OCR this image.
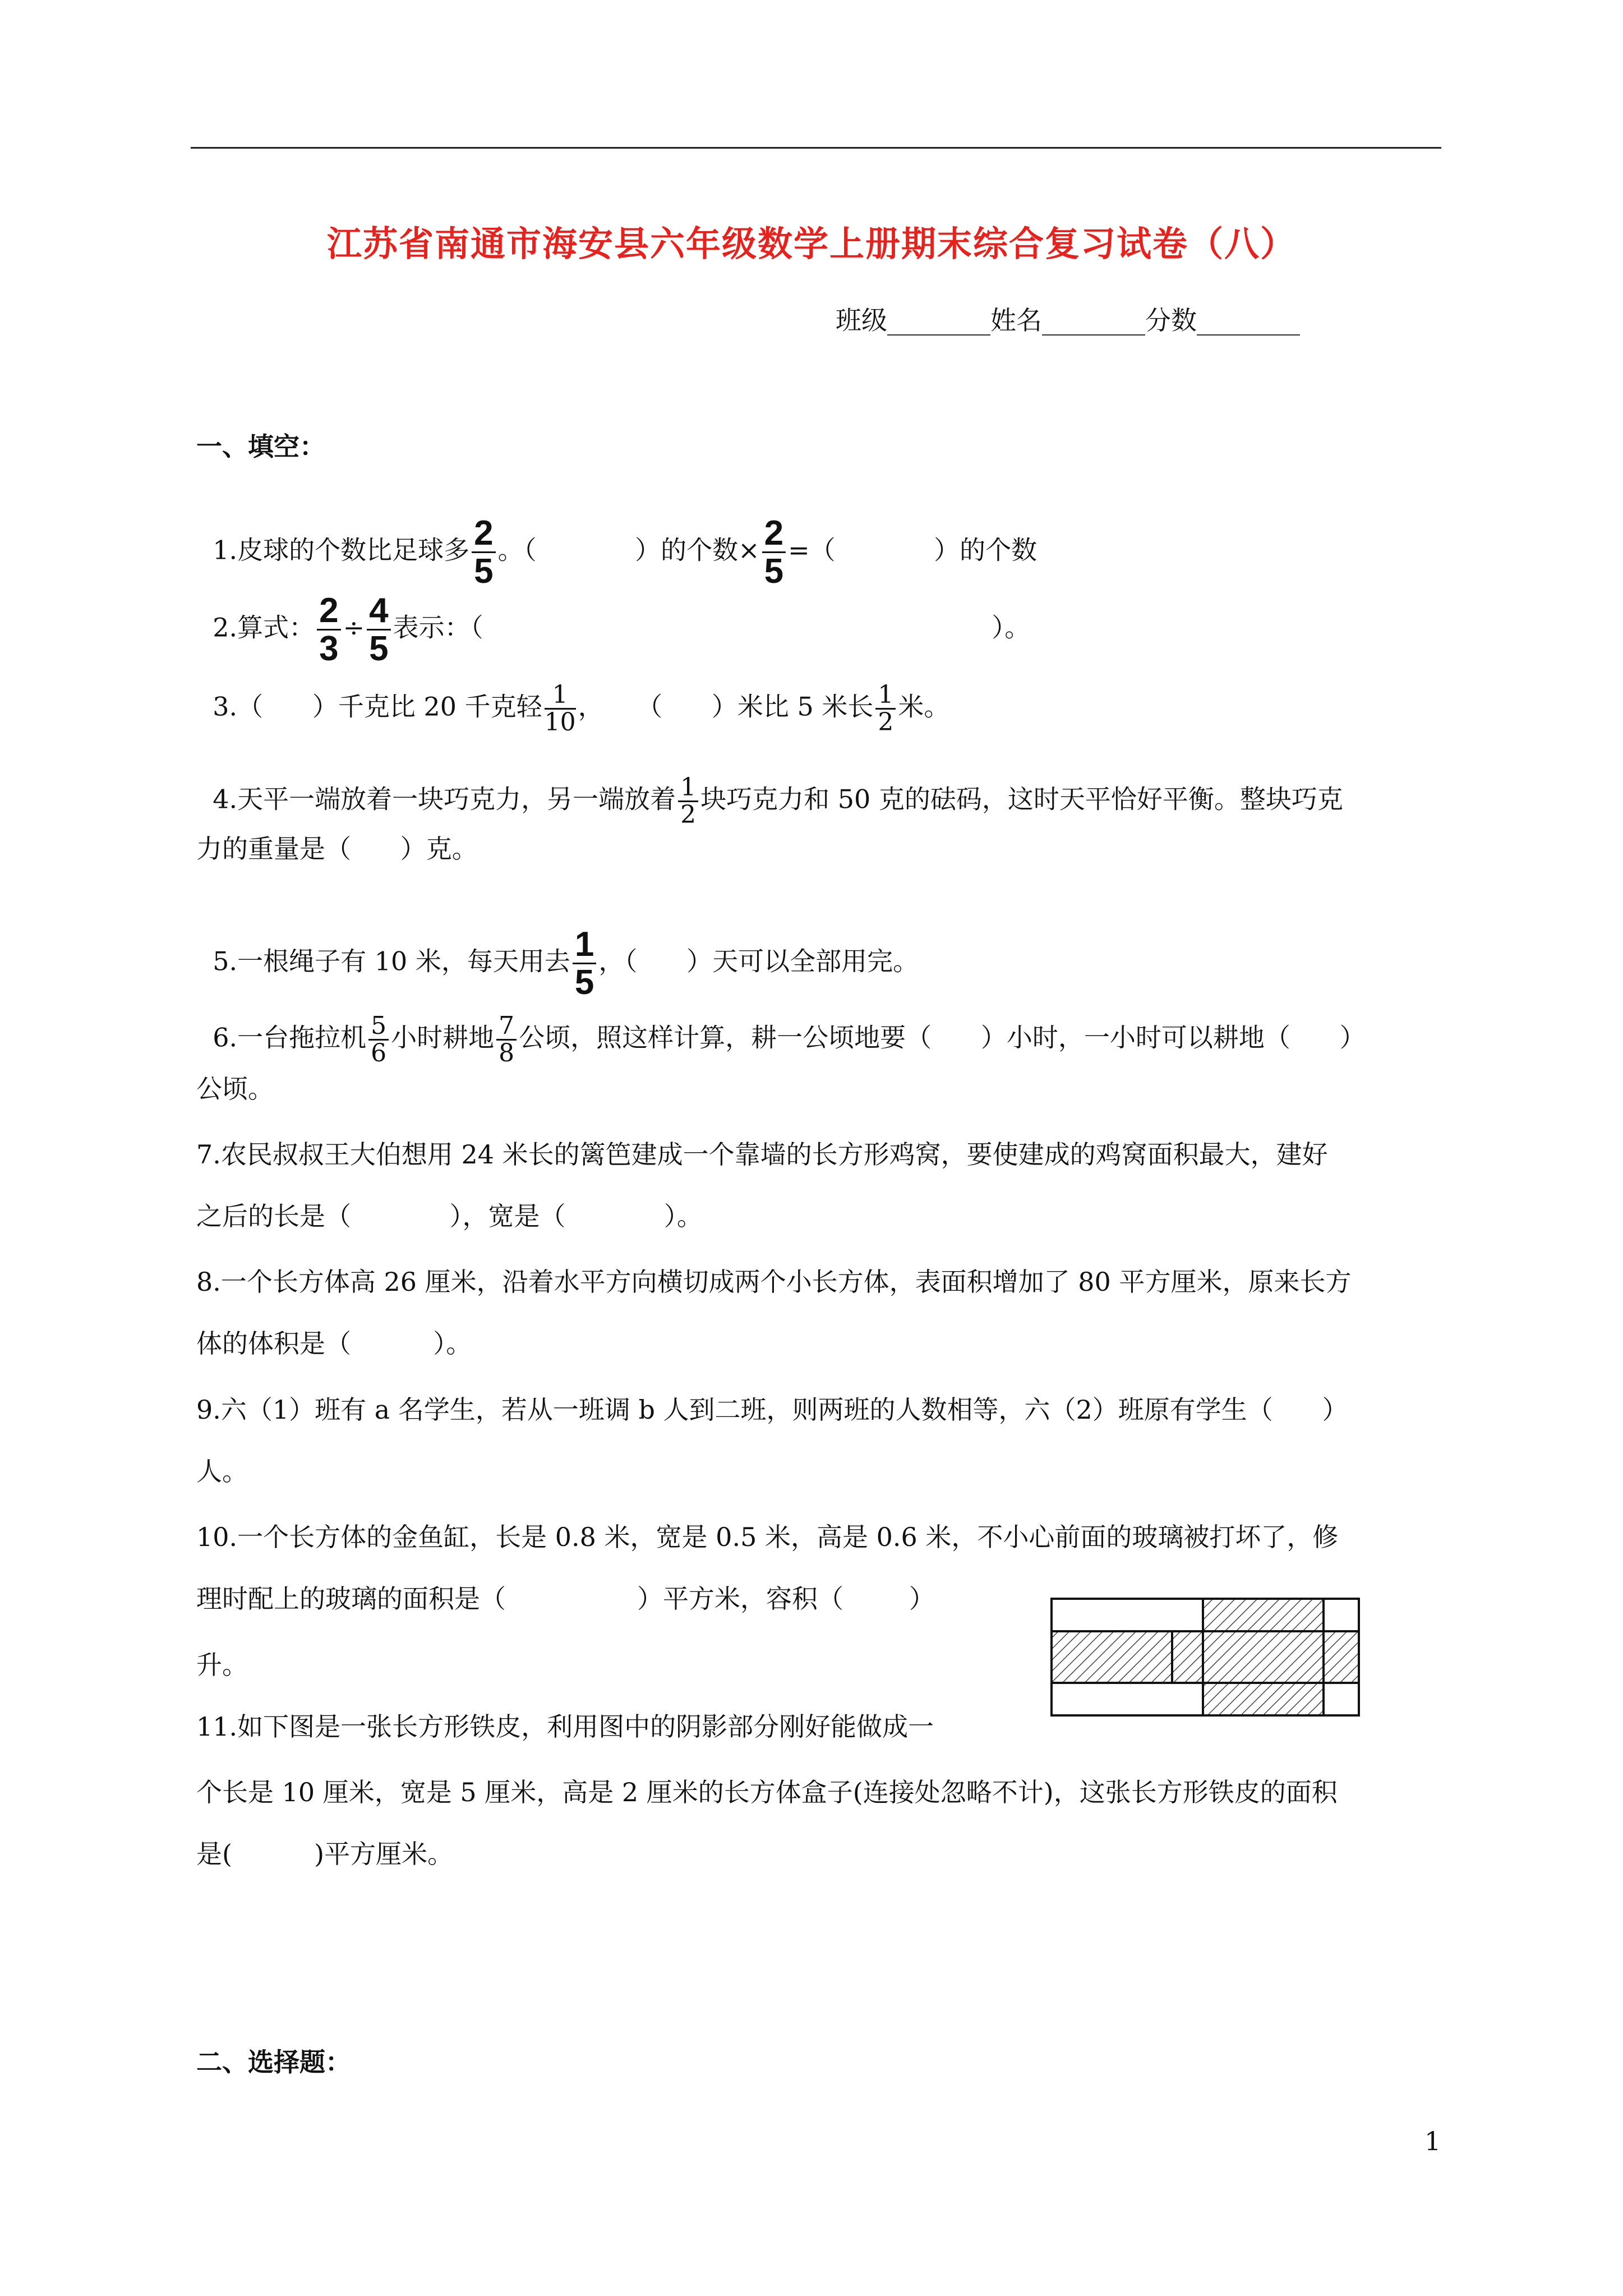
江苏省南通市海安县六年级数学上册期末综合复习试卷（八）
班级________姓名________分数________
一、填空：

1.皮球的个数比足球多 $\frac{2}{5}$ 。（            ）的个数× $\frac{2}{5}$ =（            ）的个数

2.算式： $\frac{2}{3} \div \frac{4}{5}$ 表示：（                                                              ）。

3.（      ）千克比 20 千克轻 $\frac{1}{10}$ ，    （      ）米比 5 米长 $\frac{1}{2}$ 米。

4.天平一端放着一块巧克力，另一端放着 $\frac{1}{2}$ 块巧克力和 50 克的砝码，这时天平恰好平衡。整块巧克

力的重量是（      ）克。

5.一根绳子有 10 米，每天用去 $\frac{1}{5}$ ，（      ）天可以全部用完。

6.一台拖拉机 $\frac{5}{6}$ 小时耕地 $\frac{7}{8}$ 公顷，照这样计算，耕一公顷地要（      ）小时，一小时可以耕地（      ）

公顷。
7.农民叔叔王大伯想用 24 米长的篱笆建成一个靠墙的长方形鸡窝，要使建成的鸡窝面积最大，建好
之后的长是（            ），宽是（            ）。
8.一个长方体高 26 厘米，沿着水平方向横切成两个小长方体，表面积增加了 80 平方厘米，原来长方
体的体积是（          ）。
9.六（1）班有 a 名学生，若从一班调 b 人到二班，则两班的人数相等，六（2）班原有学生（      ）
人。
10.一个长方体的金鱼缸，长是 0.8 米，宽是 0.5 米，高是 0.6 米，不小心前面的玻璃被打坏了，修
理时配上的玻璃的面积是（                ）平方米，容积（        ）
升。
11.如下图是一张长方形铁皮，利用图中的阴影部分刚好能做成一
个长是 10 厘米，宽是 5 厘米，高是 2 厘米的长方体盒子(连接处忽略不计)，这张长方形铁皮的面积
是(          )平方厘米。
二、选择题：
1
